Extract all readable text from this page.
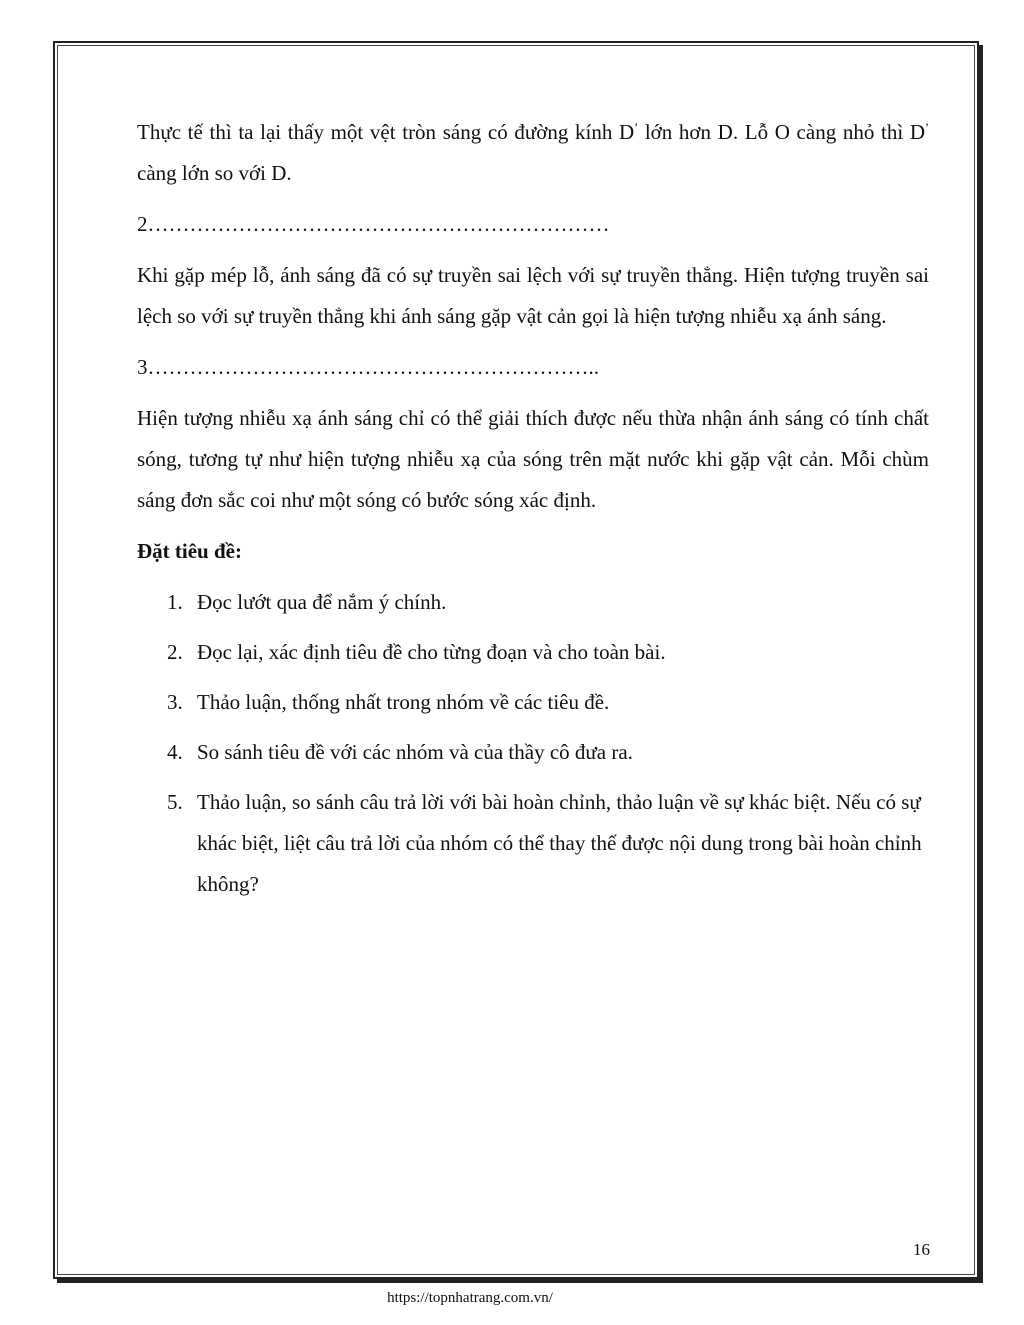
Thực tế thì ta lại thấy một vệt tròn sáng có đường kính D’ lớn hơn D. Lỗ O càng nhỏ thì D’ càng lớn so với D.

2…………………………………………………………

Khi gặp mép lỗ, ánh sáng đã có sự truyền sai lệch với sự truyền thẳng. Hiện tượng truyền sai lệch so với sự truyền thẳng khi ánh sáng gặp vật cản gọi là hiện tượng nhiễu xạ ánh sáng.

3………………………………………………………..

Hiện tượng nhiễu xạ ánh sáng chỉ có thể giải thích được nếu thừa nhận ánh sáng có tính chất sóng, tương tự như hiện tượng nhiễu xạ của sóng trên mặt nước khi gặp vật cản. Mỗi chùm sáng đơn sắc coi như một sóng có bước sóng xác định.

Đặt tiêu đề:

1. Đọc lướt qua để nắm ý chính.
2. Đọc lại, xác định tiêu đề cho từng đoạn và cho toàn bài.
3. Thảo luận, thống nhất trong nhóm về các tiêu đề.
4. So sánh tiêu đề với các nhóm và của thầy cô đưa ra.
5. Thảo luận, so sánh câu trả lời với bài hoàn chỉnh, thảo luận về sự khác biệt. Nếu có sự khác biệt, liệt câu trả lời của nhóm có thể thay thế được nội dung trong bài hoàn chỉnh không?
16
https://topnhatrang.com.vn/
